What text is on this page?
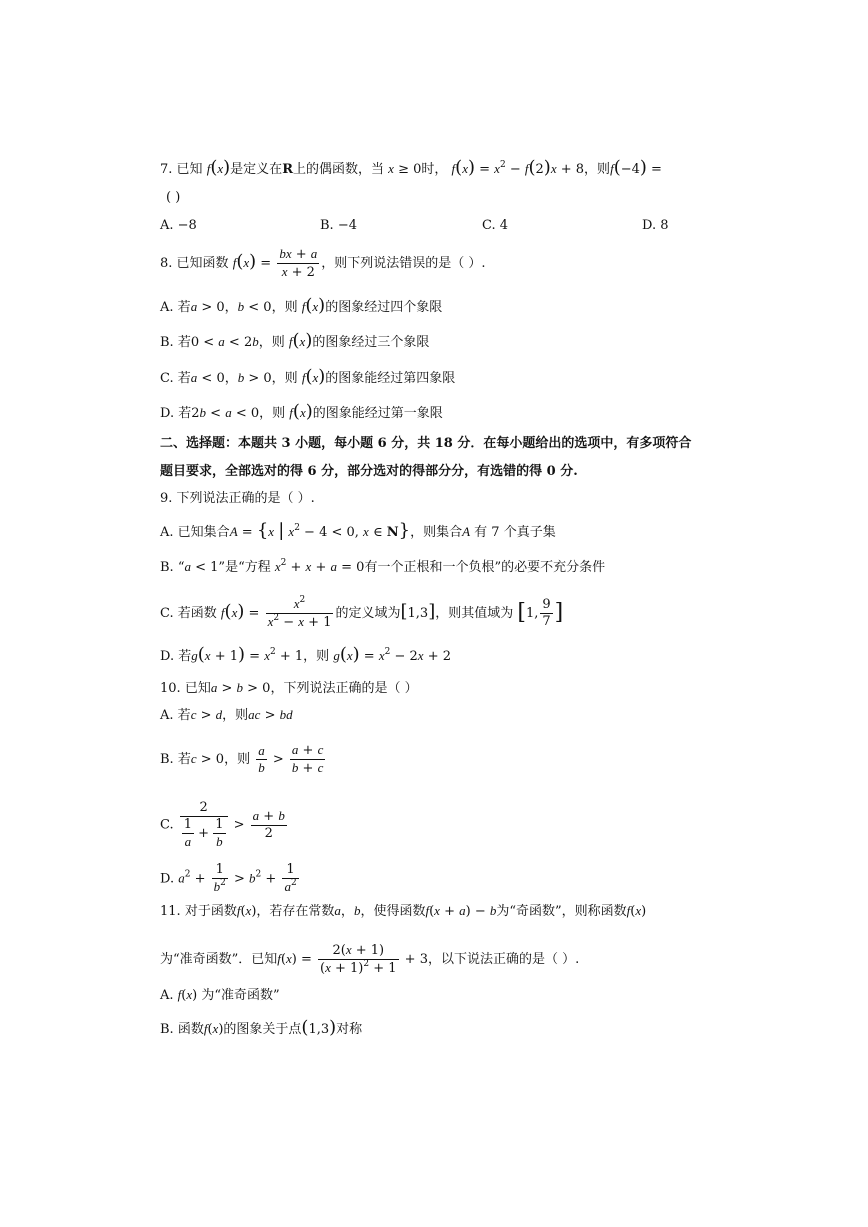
7. 已知 f(x)是定义在R上的偶函数，当 x ≥ 0时， $f(x) = x^2 - f(2)x + 8$，则f(−4) =
( )
A. −8	B. −4	C. 4	D. 8
8. 已知函数 $f(x) = \frac{bx + a}{x + 2}$ ，则下列说法错误的是（ ）.
A. 若a > 0，b < 0，则 f(x)的图象经过四个象限
B. 若0 < a < 2b，则 f(x)的图象经过三个象限
C. 若a < 0，b > 0，则 f(x)的图象能经过第四象限
D. 若2b < a < 0，则 f(x)的图象能经过第一象限
二、选择题：本题共 3 小题，每小题 6 分，共 18 分．在每小题给出的选项中，有多项符合
题目要求，全部选对的得 6 分，部分选对的得部分分，有选错的得 0 分.
9. 下列说法正确的是（ ）.
A. 已知集合A = {x | $x^2 - 4 < 0$, x ∈ N}，则集合A 有 7 个真子集
B. “a < 1”是“方程 $x^2 + x + a = 0$有一个正根和一个负根”的必要不充分条件
C. 若函数 $f(x) = \frac{x^2}{x^2 - x + 1}$ 的定义域为[1,3]，则其值域为 [1, $\frac{9}{7}$ ]
D. 若$g(x + 1) = x^2 + 1$，则 $g(x) = x^2 - 2x + 2$
10. 已知a > b > 0，下列说法正确的是（ ）
A. 若c > d，则ac > bd
B. 若c > 0，则 $\frac{a}{b} > \frac{a + c}{b + c}$
C. $\frac{2}{\frac{1}{a} + \frac{1}{b}} > \frac{a + b}{2}$
D. $a^2 + \frac{1}{b^2} > b^2 + \frac{1}{a^2}$
11. 对于函数f(x)，若存在常数a，b，使得函数f(x + a) − b为“奇函数”，则称函数f(x)
为“准奇函数”．已知$f(x) = \frac{2(x + 1)}{(x + 1)^2 + 1} + 3$，以下说法正确的是（ ）.
A. f(x) 为“准奇函数”
B. 函数f(x)的图象关于点(1,3)对称
